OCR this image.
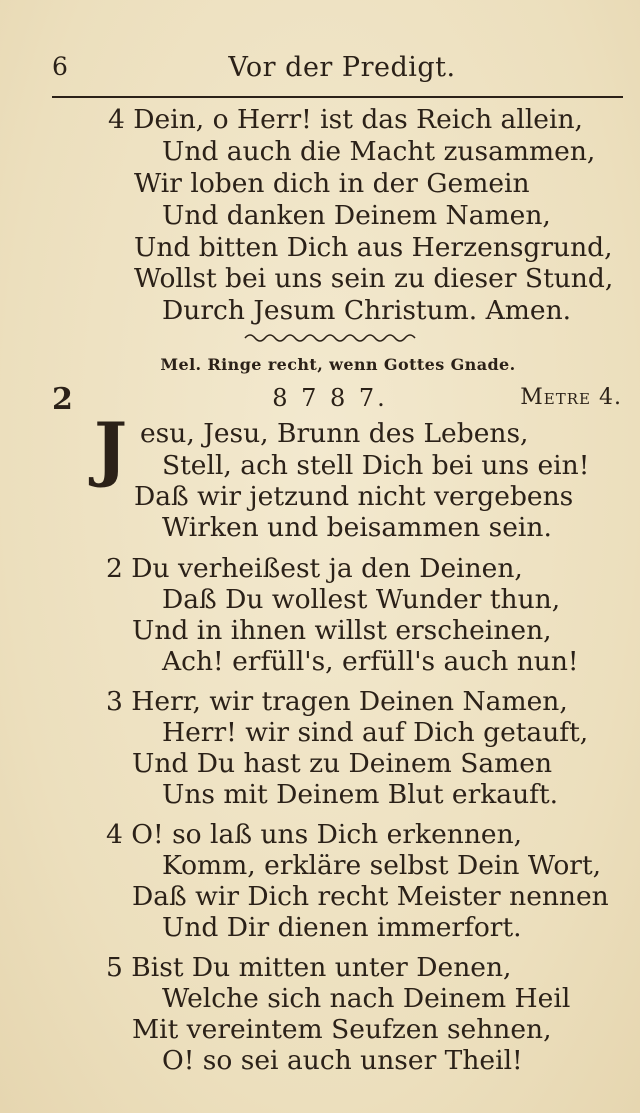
6	Vor der Predigt.
4 Dein, o Herr! ist das Reich allein,
Und auch die Macht zusammen,
Wir loben dich in der Gemein
Und danken Deinem Namen,
Und bitten Dich aus Herzensgrund,
Wollst bei uns sein zu dieser Stund,
Durch Jesum Christum. Amen.
Mel. Ringe recht, wenn Gottes Gnade.
2	8 7 8 7.	Metre 4.
J esu, Jesu, Brunn des Lebens,
Stell, ach stell Dich bei uns ein!
Daß wir jetzund nicht vergebens
Wirken und beisammen sein.
2 Du verheißest ja den Deinen,
Daß Du wollest Wunder thun,
Und in ihnen willst erscheinen,
Ach! erfüll's, erfüll's auch nun!
3 Herr, wir tragen Deinen Namen,
Herr! wir sind auf Dich getauft,
Und Du hast zu Deinem Samen
Uns mit Deinem Blut erkauft.
4 O! so laß uns Dich erkennen,
Komm, erkläre selbst Dein Wort,
Daß wir Dich recht Meister nennen
Und Dir dienen immerfort.
5 Bist Du mitten unter Denen,
Welche sich nach Deinem Heil
Mit vereintem Seufzen sehnen,
O! so sei auch unser Theil!
